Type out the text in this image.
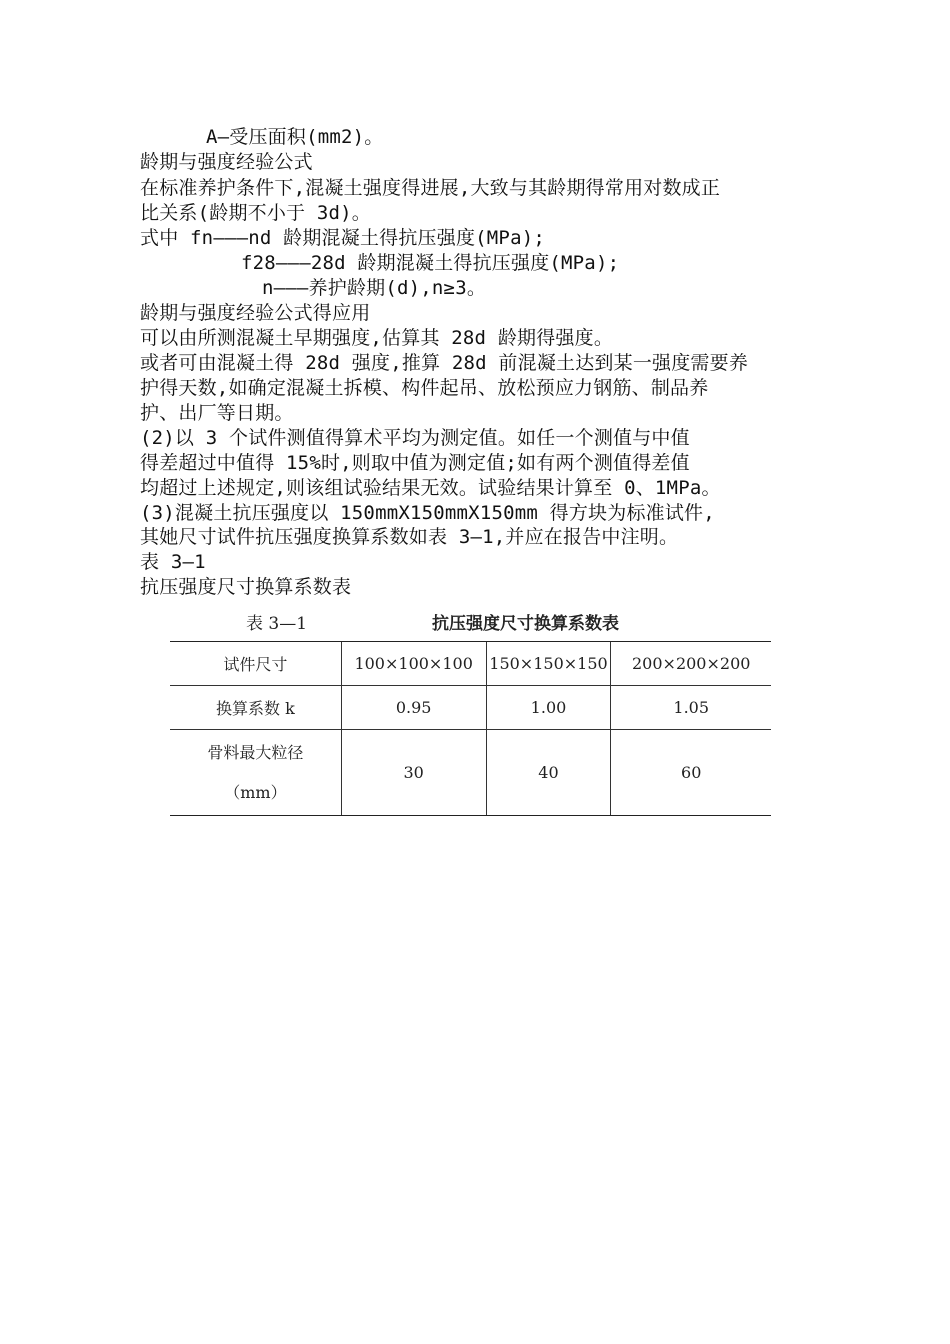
A—受压面积(mm2)。
龄期与强度经验公式
在标准养护条件下,混凝土强度得进展,大致与其龄期得常用对数成正
比关系(龄期不小于 3d)。
式中 fn———nd 龄期混凝土得抗压强度(MPa);
f28———28d 龄期混凝土得抗压强度(MPa);
n———养护龄期(d),n≥3。
龄期与强度经验公式得应用
可以由所测混凝土早期强度,估算其 28d 龄期得强度。
或者可由混凝土得 28d 强度,推算 28d 前混凝土达到某一强度需要养
护得天数,如确定混凝土拆模、构件起吊、放松预应力钢筋、制品养
护、出厂等日期。
(2)以 3 个试件测值得算术平均为测定值。如任一个测值与中值
得差超过中值得 15%时,则取中值为测定值;如有两个测值得差值
均超过上述规定,则该组试验结果无效。试验结果计算至 0、1MPa。
(3)混凝土抗压强度以 150mmX150mmX150mm 得方块为标准试件,
其她尺寸试件抗压强度换算系数如表 3—1,并应在报告中注明。
表 3—1
抗压强度尺寸换算系数表
表 3—1	抗压强度尺寸换算系数表
试件尺寸	100×100×100	150×150×150	200×200×200
换算系数 k	0.95	1.00	1.05

骨料最大粒径
（mm）	30	40	60
